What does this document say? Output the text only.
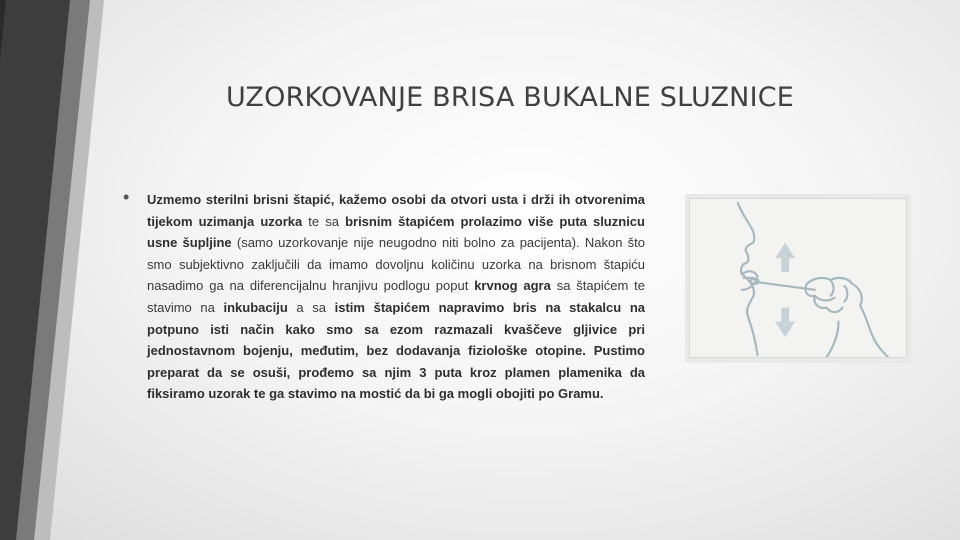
UZORKOVANJE BRISA BUKALNE SLUZNICE
• Uzmemo sterilni brisni štapić, kažemo osobi da otvori usta i drži ih otvorenima tijekom uzimanja uzorka te sa brisnim štapićem prolazimo više puta sluznicu usne šupljine (samo uzorkovanje nije neugodno niti bolno za pacijenta). Nakon što smo subjektivno zaključili da imamo dovoljnu količinu uzorka na brisnom štapiću nasadimo ga na diferencijalnu hranjivu podlogu poput krvnog agra sa štapićem te stavimo na inkubaciju a sa istim štapićem napravimo bris na stakalcu na potpuno isti način kako smo sa ezom razmazali kvaščeve gljivice pri jednostavnom bojenju, međutim, bez dodavanja fiziološke otopine. Pustimo preparat da se osuši, prođemo sa njim 3 puta kroz plamen plamenika da fiksiramo uzorak te ga stavimo na mostić da bi ga mogli obojiti po Gramu.
